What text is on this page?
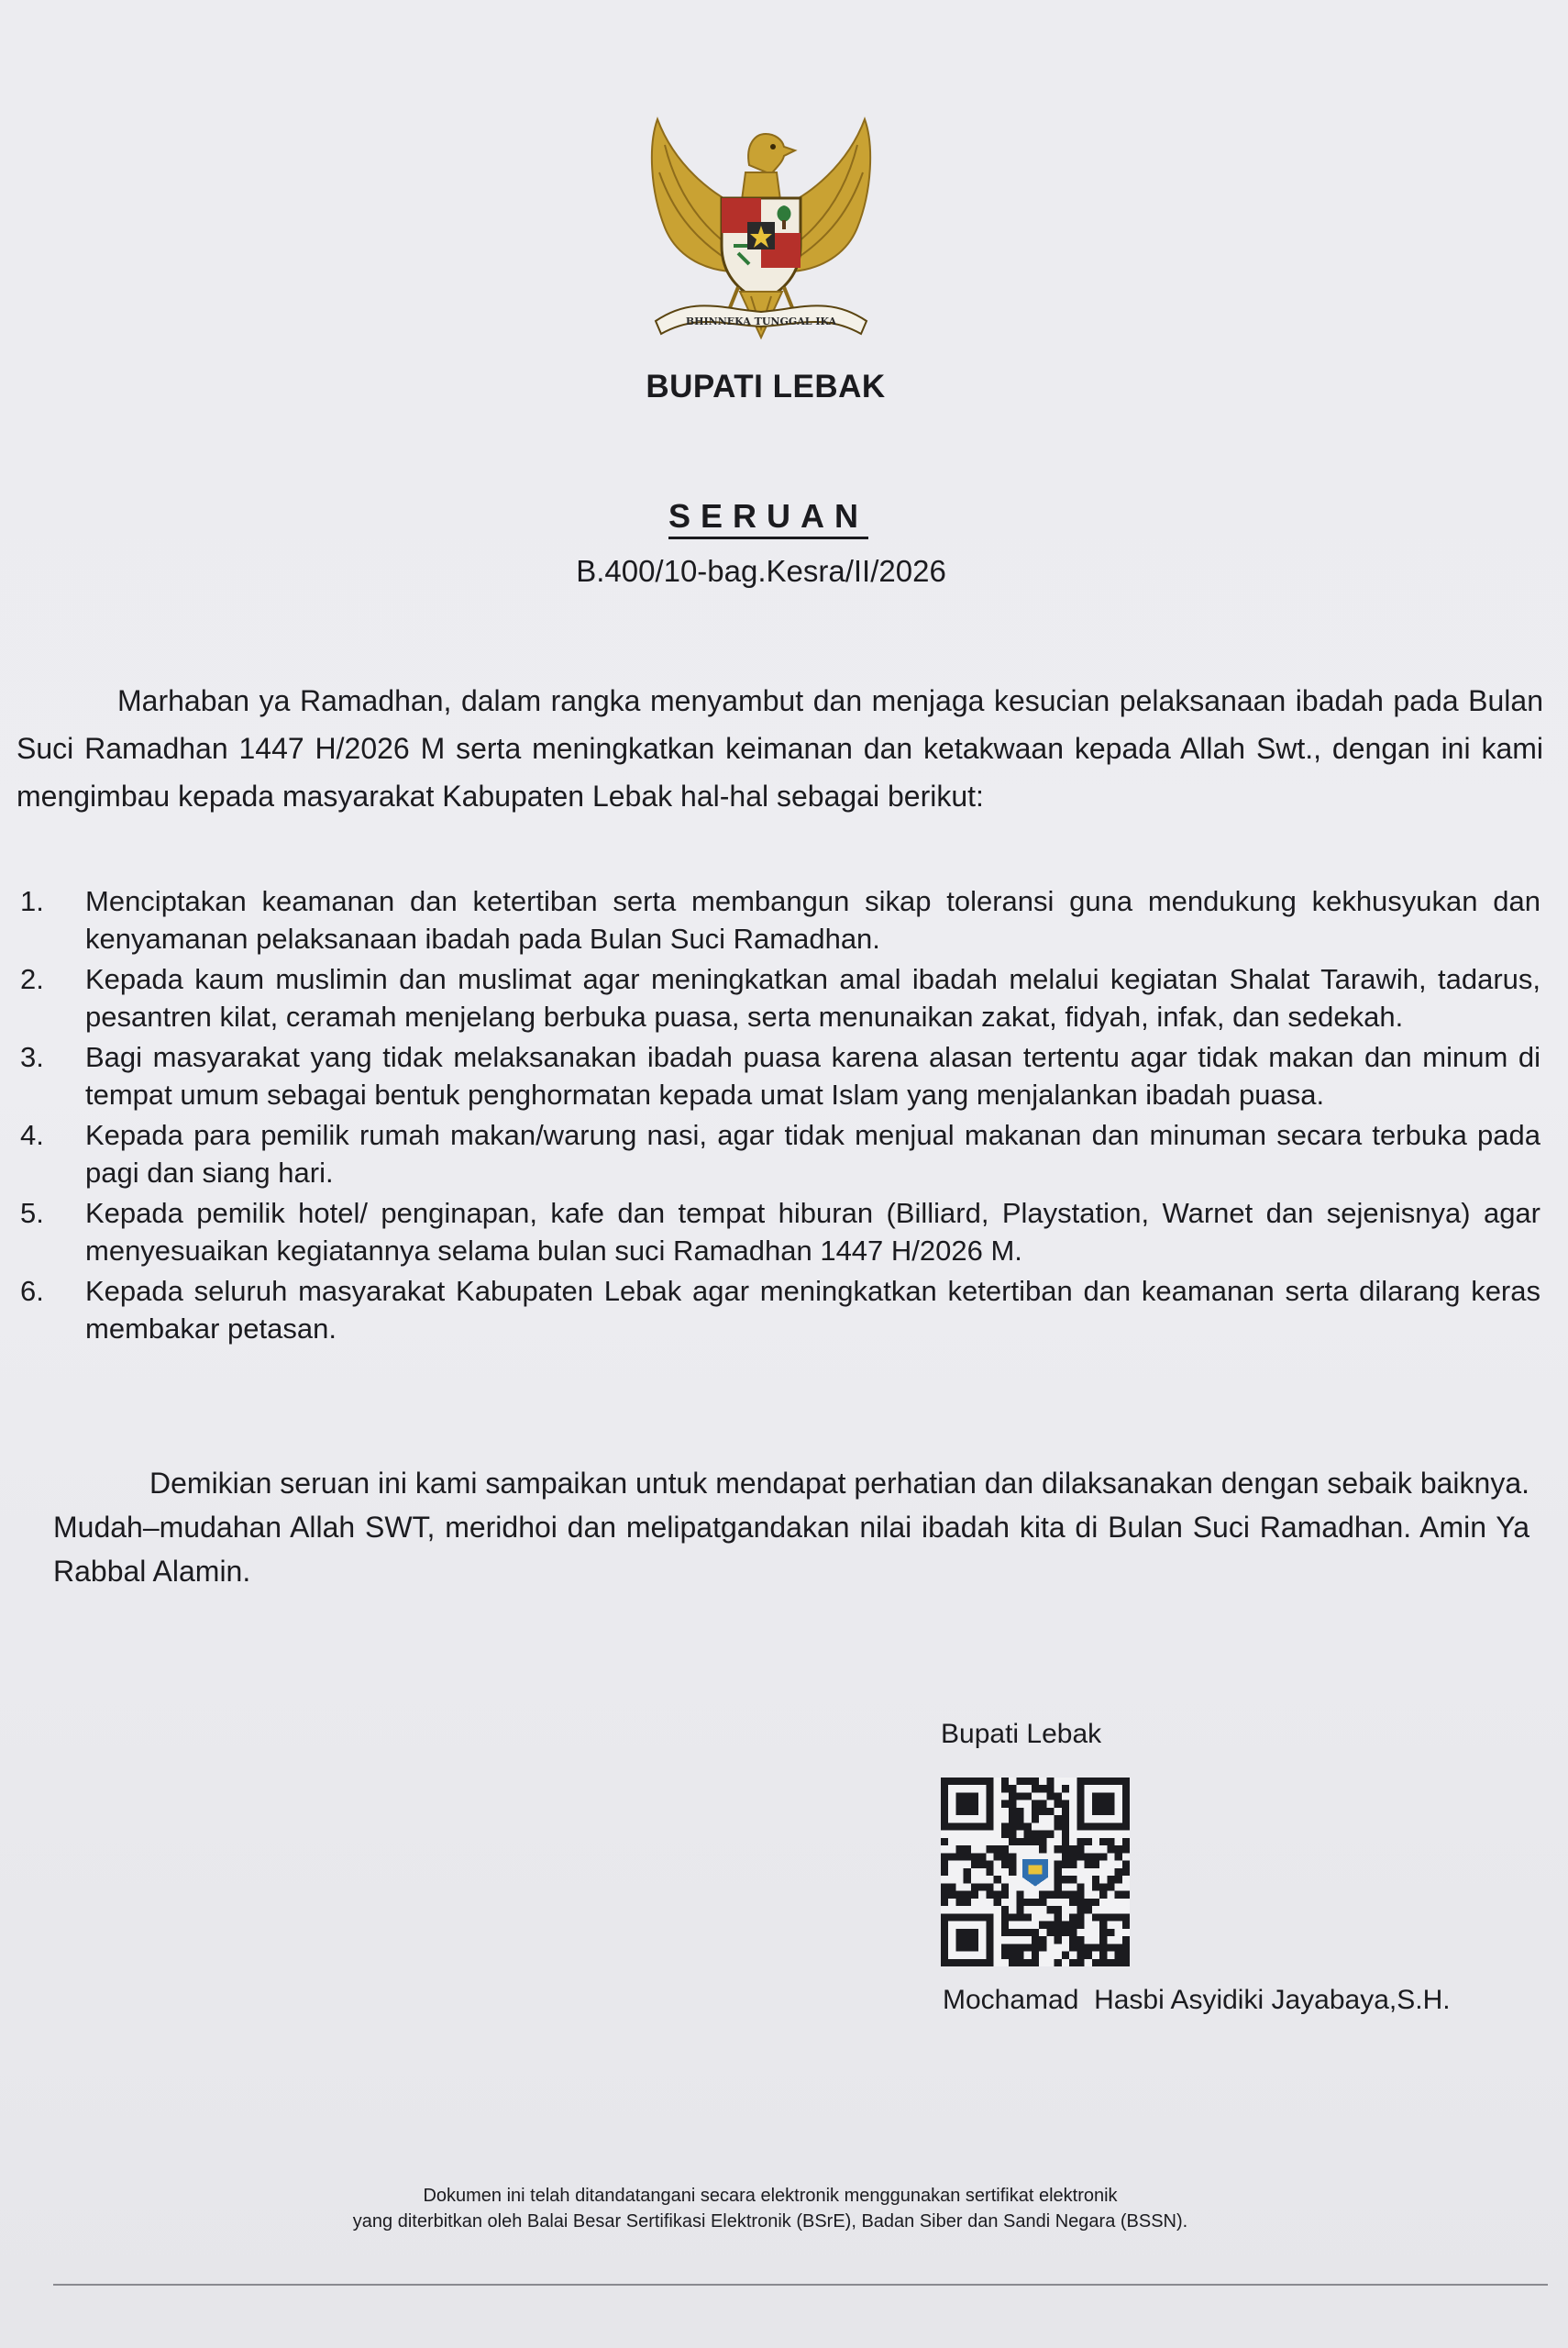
BHINNEKA TUNGGAL IKA
BUPATI LEBAK
SERUAN
B.400/10-bag.Kesra/II/2026

Marhaban ya Ramadhan, dalam rangka menyambut dan menjaga kesucian pelaksanaan ibadah pada Bulan Suci Ramadhan 1447 H/2026 M serta meningkatkan keimanan dan ketakwaan kepada Allah Swt., dengan ini kami mengimbau kepada masyarakat Kabupaten Lebak hal-hal sebagai berikut:

1. Menciptakan keamanan dan ketertiban serta membangun sikap toleransi guna mendukung kekhusyukan dan kenyamanan pelaksanaan ibadah pada Bulan Suci Ramadhan.
2. Kepada kaum muslimin dan muslimat agar meningkatkan amal ibadah melalui kegiatan Shalat Tarawih, tadarus, pesantren kilat, ceramah menjelang berbuka puasa, serta menunaikan zakat, fidyah, infak, dan sedekah.
3. Bagi masyarakat yang tidak melaksanakan ibadah puasa karena alasan tertentu agar tidak makan dan minum di tempat umum sebagai bentuk penghormatan kepada umat Islam yang menjalankan ibadah puasa.
4. Kepada para pemilik rumah makan/warung nasi, agar tidak menjual makanan dan minuman secara terbuka pada pagi dan siang hari.
5. Kepada pemilik hotel/ penginapan, kafe dan tempat hiburan (Billiard, Playstation, Warnet dan sejenisnya) agar menyesuaikan kegiatannya selama bulan suci Ramadhan 1447 H/2026 M.
6. Kepada seluruh masyarakat Kabupaten Lebak agar meningkatkan ketertiban dan keamanan serta dilarang keras membakar petasan.

Demikian seruan ini kami sampaikan untuk mendapat perhatian dan dilaksanakan dengan sebaik baiknya. Mudah–mudahan Allah SWT, meridhoi dan melipatgandakan nilai ibadah kita di Bulan Suci Ramadhan. Amin Ya Rabbal Alamin.

Bupati Lebak
Mochamad  Hasbi Asyidiki Jayabaya,S.H.
Dokumen ini telah ditandatangani secara elektronik menggunakan sertifikat elektronik
yang diterbitkan oleh Balai Besar Sertifikasi Elektronik (BSrE), Badan Siber dan Sandi Negara (BSSN).
